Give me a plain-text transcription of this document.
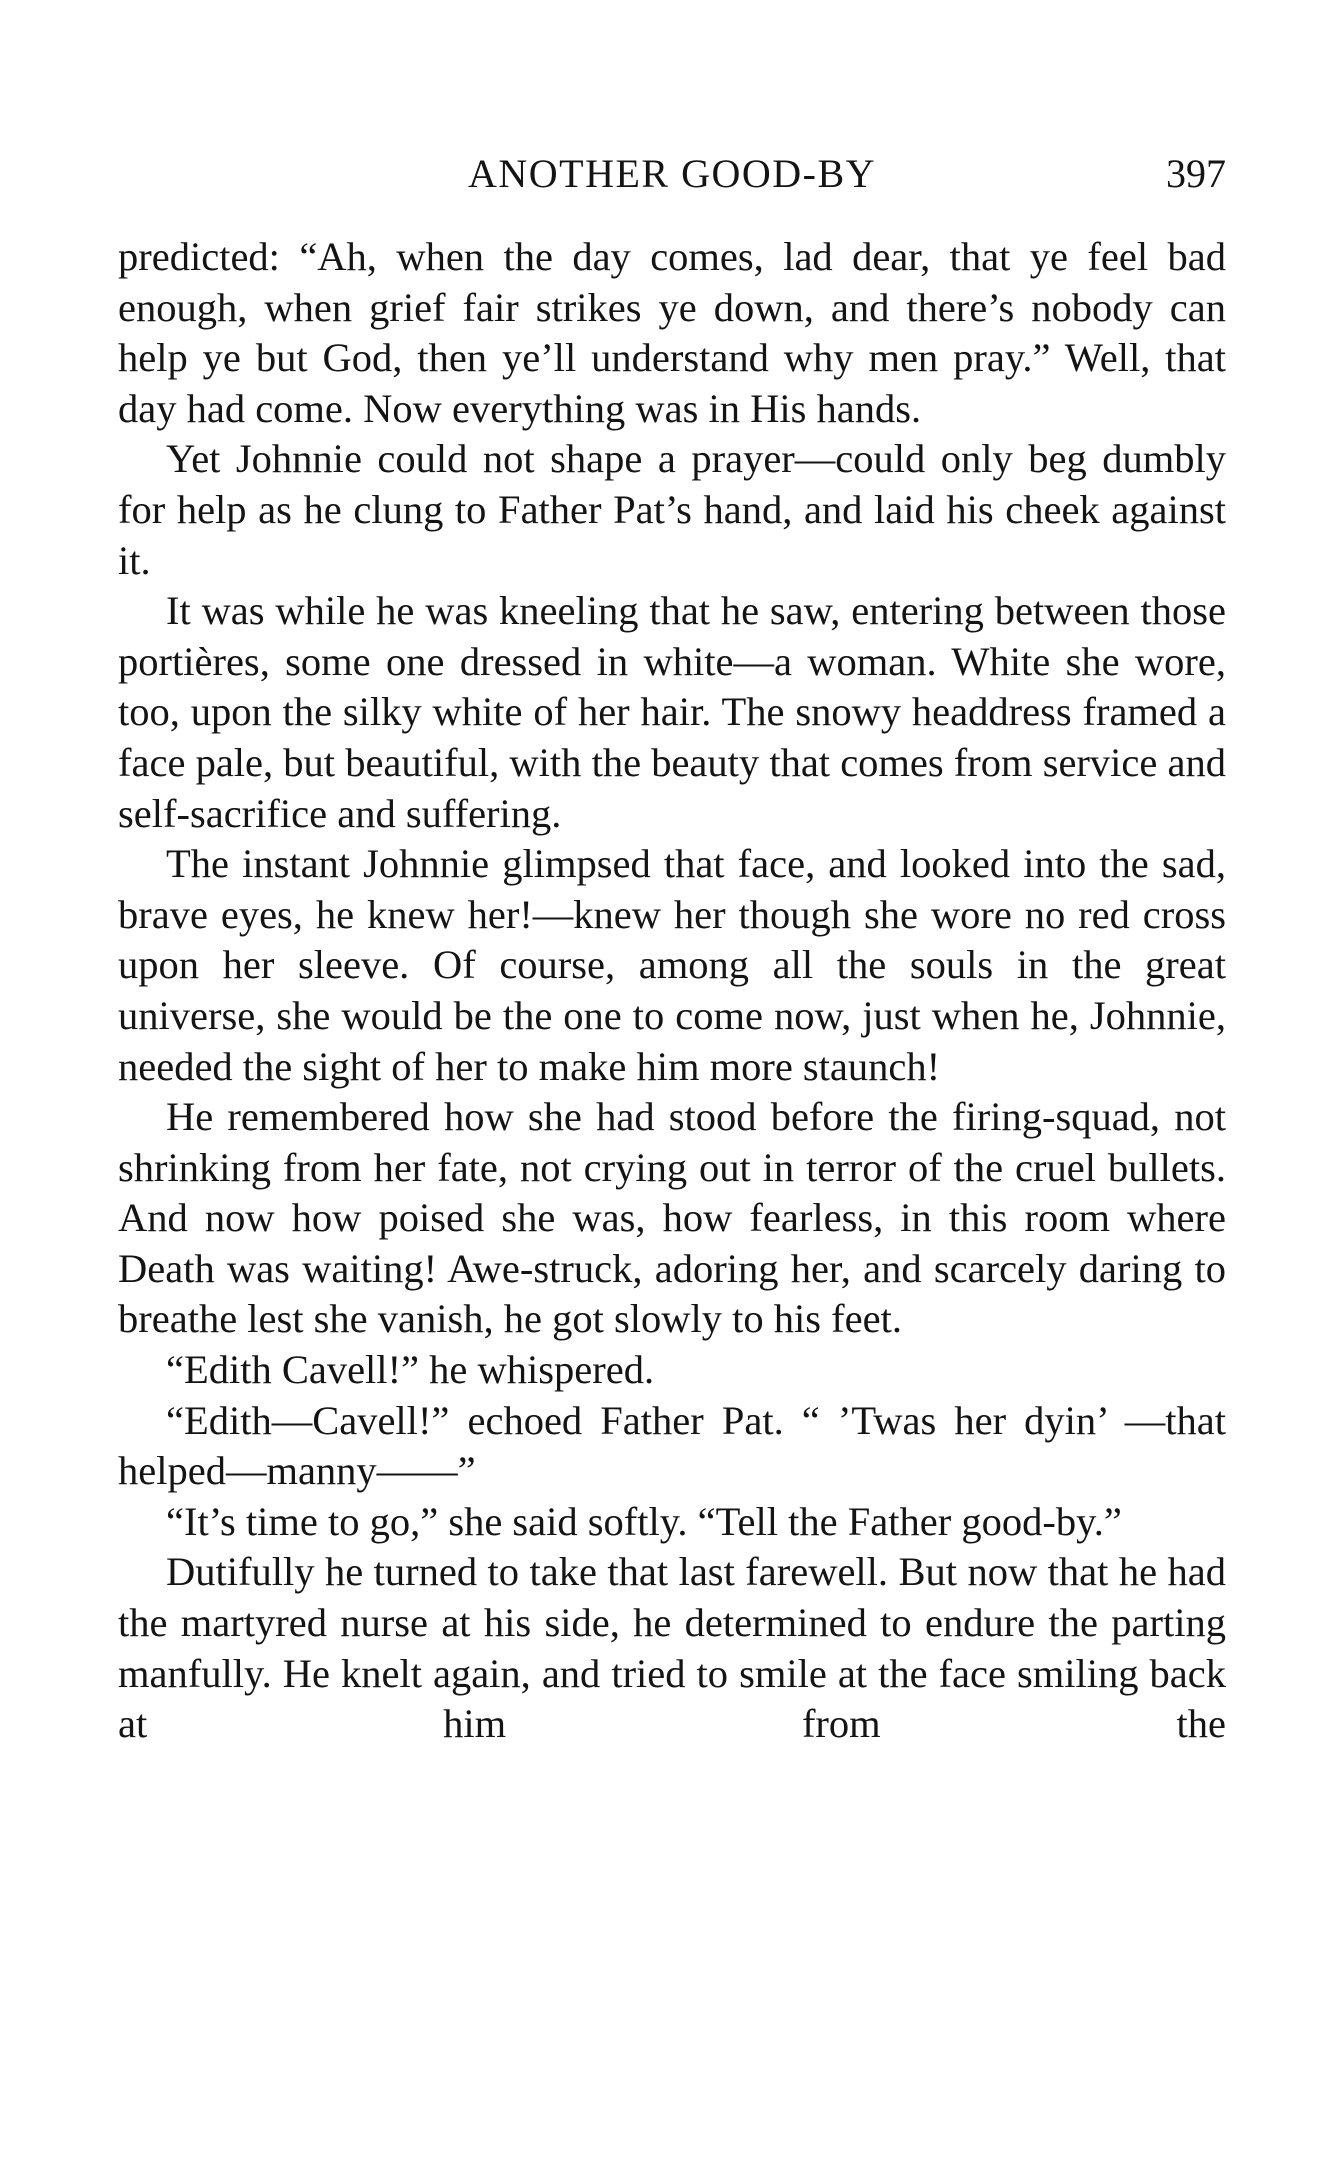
ANOTHER GOOD-BY	397

predicted: “Ah, when the day comes, lad dear, that ye feel bad enough, when grief fair strikes ye down, and there’s nobody can help ye but God, then ye’ll understand why men pray.” Well, that day had come. Now everything was in His hands.

Yet Johnnie could not shape a prayer—could only beg dumbly for help as he clung to Father Pat’s hand, and laid his cheek against it.

It was while he was kneeling that he saw, entering between those portières, some one dressed in white—a woman. White she wore, too, upon the silky white of her hair. The snowy headdress framed a face pale, but beautiful, with the beauty that comes from service and self-sacrifice and suffering.

The instant Johnnie glimpsed that face, and looked into the sad, brave eyes, he knew her!—knew her though she wore no red cross upon her sleeve. Of course, among all the souls in the great universe, she would be the one to come now, just when he, Johnnie, needed the sight of her to make him more staunch!

He remembered how she had stood before the firing-squad, not shrinking from her fate, not crying out in terror of the cruel bullets. And now how poised she was, how fearless, in this room where Death was waiting! Awe-struck, adoring her, and scarcely daring to breathe lest she vanish, he got slowly to his feet.

“Edith Cavell!” he whispered.

“Edith—Cavell!” echoed Father Pat. “ ’Twas her dyin’ —that helped—manny——”

“It’s time to go,” she said softly. “Tell the Father good-by.”

Dutifully he turned to take that last farewell. But now that he had the martyred nurse at his side, he determined to endure the parting manfully. He knelt again, and tried to smile at the face smiling back at him from the
